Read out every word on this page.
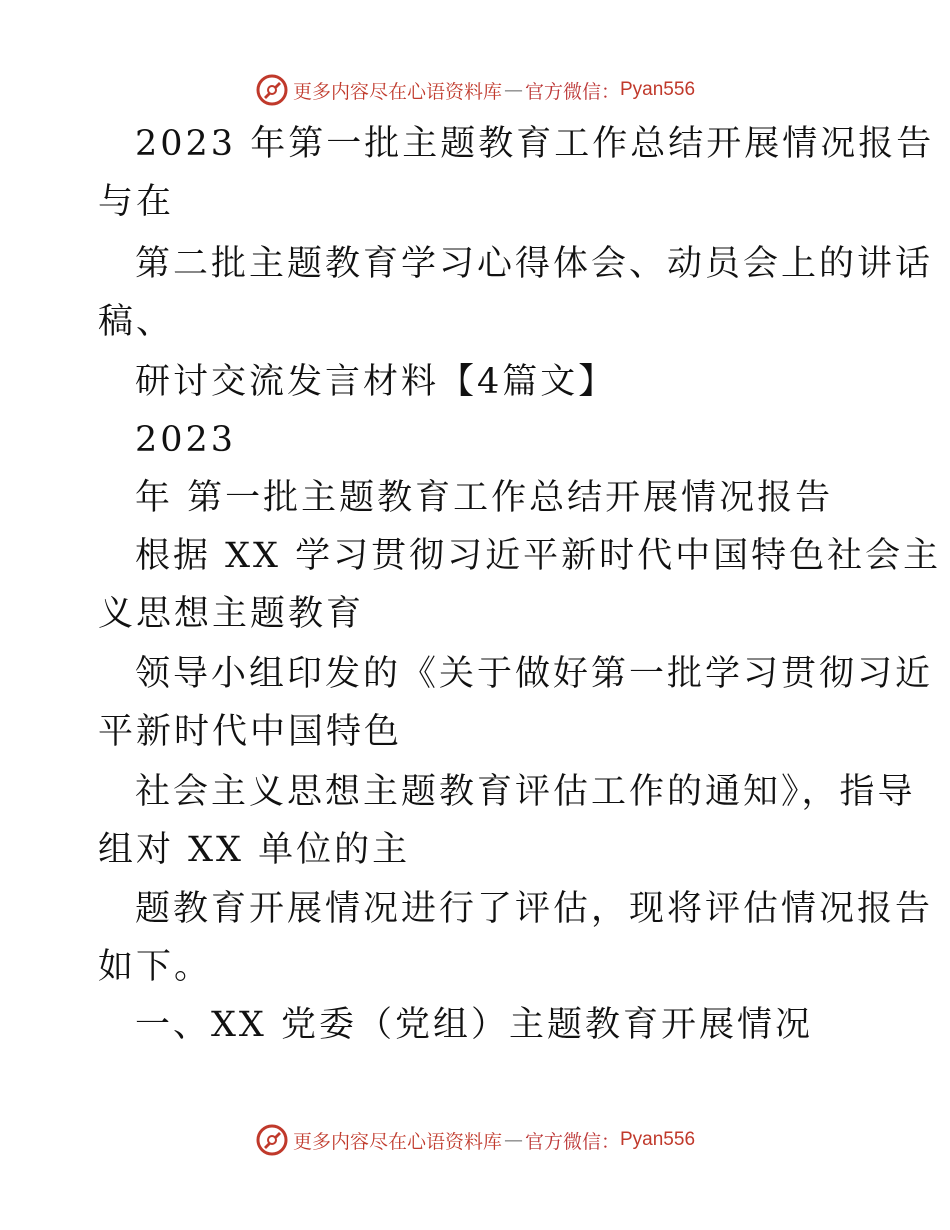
更多内容尽在心语资料库 — 官方微信： Pyan556
2023 年第一批主题教育工作总结开展情况报告
与在
第二批主题教育学习心得体会、动员会上的讲话
稿、
研讨交流发言材料【4篇文】
2023
年 第一批主题教育工作总结开展情况报告
根据 XX 学习贯彻习近平新时代中国特色社会主
义思想主题教育
领导小组印发的《关于做好第一批学习贯彻习近
平新时代中国特色
社会主义思想主题教育评估工作的通知》，指导
组对 XX 单位的主
题教育开展情况进行了评估，现将评估情况报告
如下。
一、XX 党委（党组）主题教育开展情况
更多内容尽在心语资料库 — 官方微信： Pyan556
